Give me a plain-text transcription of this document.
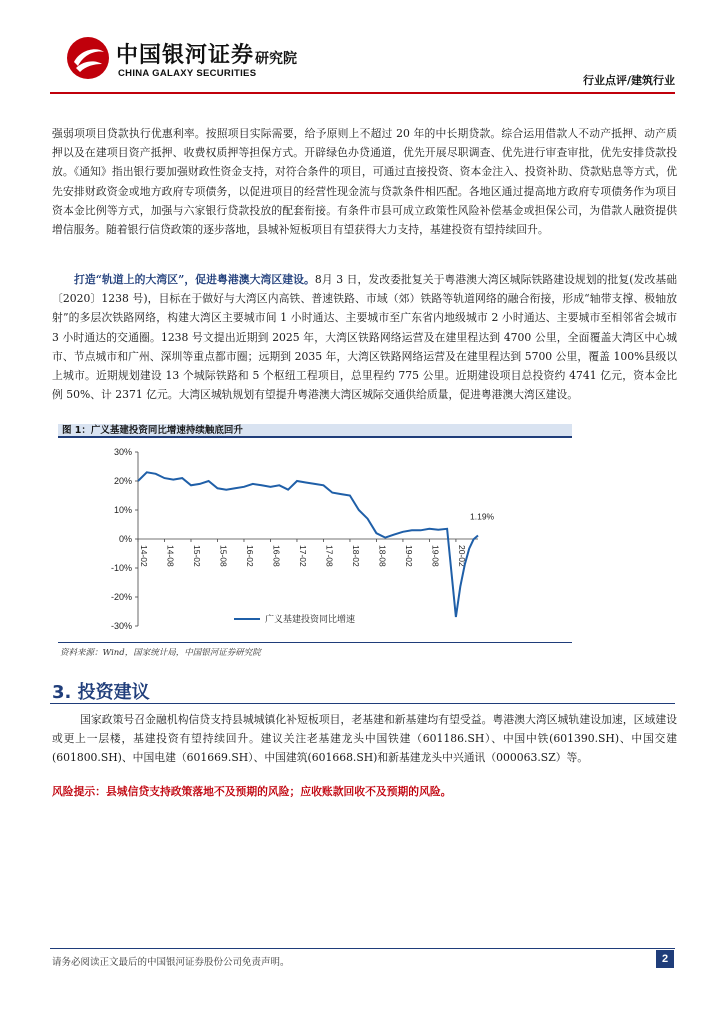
中国银河证券
CHINA GALAXY SECURITIES
研究院
行业点评/建筑行业
强弱项项目贷款执行优惠利率。按照项目实际需要，给予原则上不超过 20 年的中长期贷款。综合运用借款人不动产抵押、动产质押以及在建项目资产抵押、收费权质押等担保方式。开辟绿色办贷通道，优先开展尽职调查、优先进行审查审批，优先安排贷款投放。《通知》指出银行要加强财政性资金支持，对符合条件的项目，可通过直接投资、资本金注入、投资补助、贷款贴息等方式，优先安排财政资金或地方政府专项债务，以促进项目的经营性现金流与贷款条件相匹配。各地区通过提高地方政府专项债务作为项目资本金比例等方式，加强与六家银行贷款投放的配套衔接。有条件市县可成立政策性风险补偿基金或担保公司，为借款人融资提供增信服务。随着银行信贷政策的逐步落地，县城补短板项目有望获得大力支持，基建投资有望持续回升。
打造“轨道上的大湾区”，促进粤港澳大湾区建设。8月 3 日，发改委批复关于粤港澳大湾区城际铁路建设规划的批复(发改基础〔2020〕1238 号)，目标在于做好与大湾区内高铁、普速铁路、市域（郊）铁路等轨道网络的融合衔接，形成“轴带支撑、极轴放射”的多层次铁路网络，构建大湾区主要城市间 1 小时通达、主要城市至广东省内地级城市 2 小时通达、主要城市至相邻省会城市 3 小时通达的交通圈。1238 号文提出近期到 2025 年，大湾区铁路网络运营及在建里程达到 4700 公里，全面覆盖大湾区中心城市、节点城市和广州、深圳等重点都市圈；远期到 2035 年，大湾区铁路网络运营及在建里程达到 5700 公里，覆盖 100%县级以上城市。近期规划建设 13 个城际铁路和 5 个枢纽工程项目，总里程约 775 公里。近期建设项目总投资约 4741 亿元，资本金比例 50%、计 2371 亿元。大湾区城轨规划有望提升粤港澳大湾区城际交通供给质量，促进粤港澳大湾区建设。
图 1：广义基建投资同比增速持续触底回升
30%
20%
10%
0%
-10%
-20%
-30%
14-02 14-08 15-02 15-08 16-02 16-08 17-02 17-08 18-02 18-08 19-02 19-08 20-02
1.19%
广义基建投资同比增速
资料来源：Wind，国家统计局，中国银河证券研究院
3. 投资建议
国家政策号召金融机构信贷支持县城城镇化补短板项目，老基建和新基建均有望受益。粤港澳大湾区城轨建设加速，区域建设或更上一层楼，基建投资有望持续回升。建议关注老基建龙头中国铁建（601186.SH）、中国中铁(601390.SH)、中国交建(601800.SH)、中国电建（601669.SH）、中国建筑(601668.SH)和新基建龙头中兴通讯（000063.SZ）等。
风险提示：县城信贷支持政策落地不及预期的风险；应收账款回收不及预期的风险。
请务必阅读正文最后的中国银河证券股份公司免责声明。	2
